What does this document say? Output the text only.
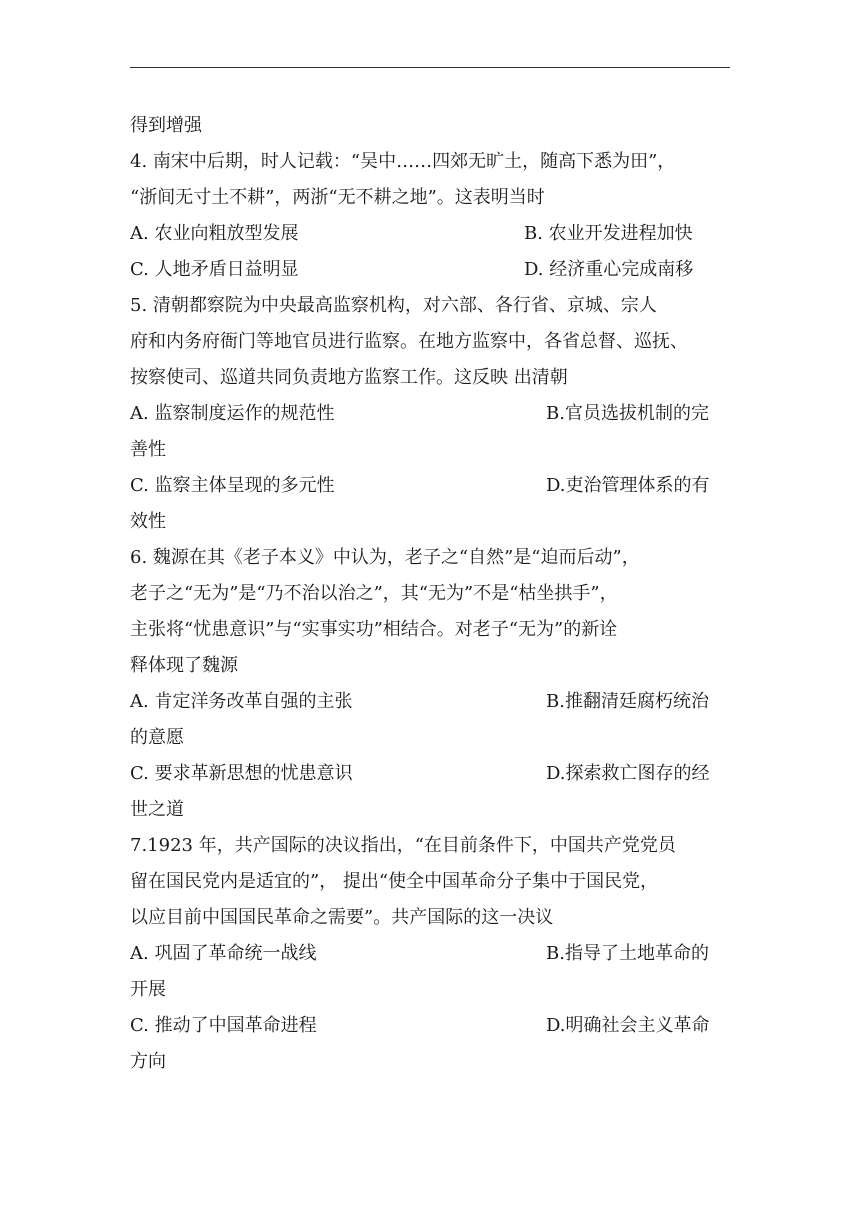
得到增强
4. 南宋中后期，时人记载：“吴中……四郊无旷土，随高下悉为田”，
“浙间无寸土不耕”，两浙“无不耕之地”。这表明当时
A. 农业向粗放型发展	B. 农业开发进程加快
C. 人地矛盾日益明显	D. 经济重心完成南移
5. 清朝都察院为中央最高监察机构，对六部、各行省、京城、宗人
府和内务府衙门等地官员进行监察。在地方监察中，各省总督、巡抚、
按察使司、巡道共同负责地方监察工作。这反映 出清朝
A. 监察制度运作的规范性	B.官员选拔机制的完
善性
C. 监察主体呈现的多元性	D.吏治管理体系的有
效性
6. 魏源在其《老子本义》中认为，老子之“自然”是“迫而后动”，
老子之“无为”是“乃不治以治之”，其“无为”不是“枯坐拱手”，
主张将“忧患意识”与“实事实功”相结合。对老子“无为”的新诠
释体现了魏源
A. 肯定洋务改革自强的主张	B.推翻清廷腐朽统治
的意愿
C. 要求革新思想的忧患意识	D.探索救亡图存的经
世之道
7.1923 年，共产国际的决议指出，“在目前条件下，中国共产党党员
留在国民党内是适宜的”， 提出“使全中国革命分子集中于国民党，
以应目前中国国民革命之需要”。共产国际的这一决议
A. 巩固了革命统一战线	B.指导了土地革命的
开展
C. 推动了中国革命进程	D.明确社会主义革命
方向
